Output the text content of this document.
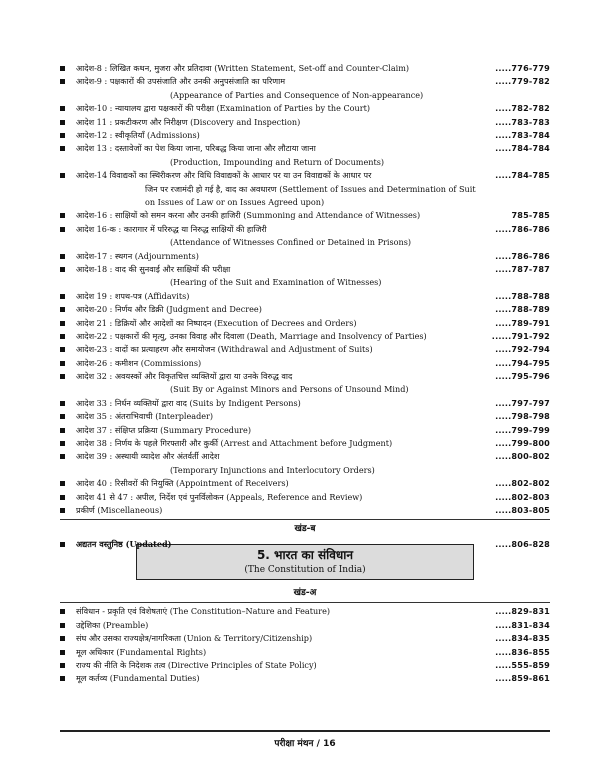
आदेश-8 : लिखित कथन, मुजरा और प्रतिदावा (Written Statement, Set-off and Counter-Claim)	.....776-779
आदेश-9 : पक्षकारों की उपसंजाति और उनकी अनुपसंजाति का परिणाम	.....779-782
(Appearance of Parties and Consequence of Non-appearance)
आदेश-10 : न्यायालय द्वारा पक्षकारों की परीक्षा (Examination of Parties by the Court)	.....782-782
आदेश 11 : प्रकटीकरण और निरीक्षण (Discovery and Inspection)	.....783-783
आदेश-12 : स्वीकृतियाँ (Admissions)	.....783-784
आदेश 13 : दस्तावेजों का पेश किया जाना, परिबद्ध किया जाना और लौटाया जाना	.....784-784
(Production, Impounding and Return of Documents)
आदेश-14 विवाद्यकों का स्थिरीकरण और विधि विवाद्यकों के आधार पर या उन विवाद्यकों के आधार पर	.....784-785
जिन पर रजामंदी हो गई है, वाद का अवधारण (Settlement of Issues and Determination of Suit
on Issues of Law or on Issues Agreed upon)
आदेश-16 : साक्षियों को समन करना और उनकी हाजिरी (Summoning and Attendance of Witnesses)	785-785
आदेश 16-क : कारागार में परिरुद्ध या निरुद्ध साक्षियों की हाजिरी	.....786-786
(Attendance of Witnesses Confined or Detained in Prisons)
आदेश-17 : स्थगन (Adjournments)	.....786-786
आदेश-18 : वाद की सुनवाई और साक्षियों की परीक्षा	.....787-787
(Hearing of the Suit and Examination of Witnesses)
आदेश 19 : शपथ-पत्र (Affidavits)	.....788-788
आदेश-20 : निर्णय और डिक्री (Judgment and Decree)	.....788-789
आदेश 21 : डिक्रियों और आदेशों का निष्पादन (Execution of Decrees and Orders)	.....789-791
आदेश-22 : पक्षकारों की मृत्यु, उनका विवाह और दिवाला (Death, Marriage and Insolvency of Parties)	......791-792
आदेश-23 : वादों का प्रत्याहरण और समायोजन (Withdrawal and Adjustment of Suits)	.....792-794
आदेश-26 : कमीशन (Commissions)	.....794-795
आदेश 32 : अवयस्कों और विकृतचित्त व्यक्तियों द्वारा या उनके विरुद्ध वाद	.....795-796
(Suit By or Against Minors and Persons of Unsound Mind)
आदेश 33 : निर्धन व्यक्तियों द्वारा वाद (Suits by Indigent Persons)	.....797-797
आदेश 35 : अंतराभिवाची (Interpleader)	.....798-798
आदेश 37 : संक्षिप्त प्रक्रिया (Summary Procedure)	.....799-799
आदेश 38 : निर्णय के पहले गिरफ्तारी और कुर्की (Arrest and Attachment before Judgment)	.....799-800
आदेश 39 : अस्थायी व्यादेश और अंतर्वर्ती आदेश	.....800-802
(Temporary Injunctions and Interlocutory Orders)
आदेश 40 : रिसीवरों की नियुक्ति (Appointment of Receivers)	.....802-802
आदेश 41 से 47 : अपील, निर्देश एवं पुनर्विलोकन (Appeals, Reference and Review)	.....802-803
प्रकीर्ण (Miscellaneous)	.....803-805
खंड-ब
अद्यतन वस्तुनिष्ठ (Updated)	.....806-828
5. भारत का संविधान
(The Constitution of India)
खंड-अ
संविधान - प्रकृति एवं विशेषताएं (The Constitution–Nature and Feature)	.....829-831
उद्देशिका (Preamble)	.....831-834
संघ और उसका राज्यक्षेत्र/नागरिकता (Union & Territory/Citizenship)	.....834-835
मूल अधिकार (Fundamental Rights)	.....836-855
राज्य की नीति के निदेशक तत्व (Directive Principles of State Policy)	.....555-859
मूल कर्तव्य (Fundamental Duties)	.....859-861
परीक्षा मंथन / 16
